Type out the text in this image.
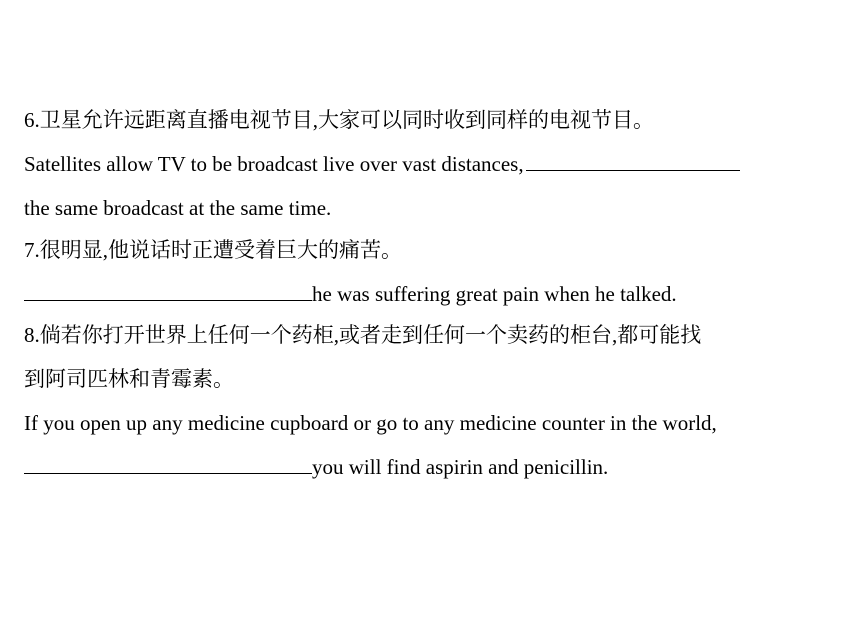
6.卫星允许远距离直播电视节目,大家可以同时收到同样的电视节目。
Satellites allow TV to be broadcast live over vast distances,
the same broadcast at the same time.
7.很明显,他说话时正遭受着巨大的痛苦。
he was suffering great pain when he talked.
8.倘若你打开世界上任何一个药柜,或者走到任何一个卖药的柜台,都可能找
到阿司匹林和青霉素。
If you open up any medicine cupboard or go to any medicine counter in the world,
you will find aspirin and penicillin.
